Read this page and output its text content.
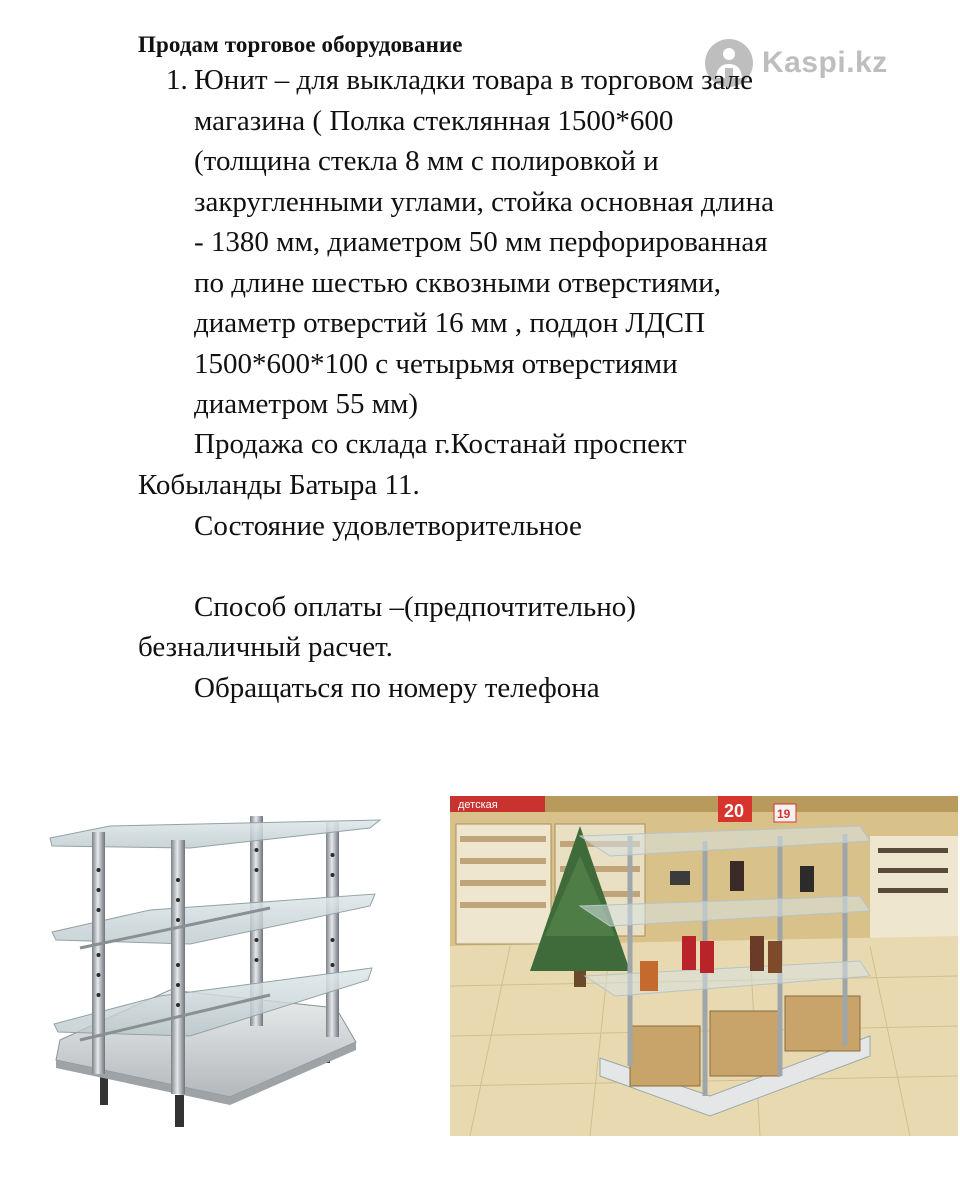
Продам торговое оборудование
Kaspi.kz
1. Юнит – для выкладки товара в торговом зале
магазина ( Полка стеклянная 1500*600
(толщина стекла 8 мм с полировкой и
закругленными углами, стойка основная длина
- 1380 мм, диаметром 50 мм перфорированная
по длине шестью сквозными отверстиями,
диаметр отверстий 16 мм , поддон ЛДСП
1500*600*100 с четырьмя отверстиями
диаметром 55 мм)
Продажа со склада г.Костанай проспект
Кобыланды Батыра 11.
Состояние удовлетворительное
Способ оплаты –(предпочтительно)
безналичный расчет.
Обращаться по номеру телефона
детская	20	19
